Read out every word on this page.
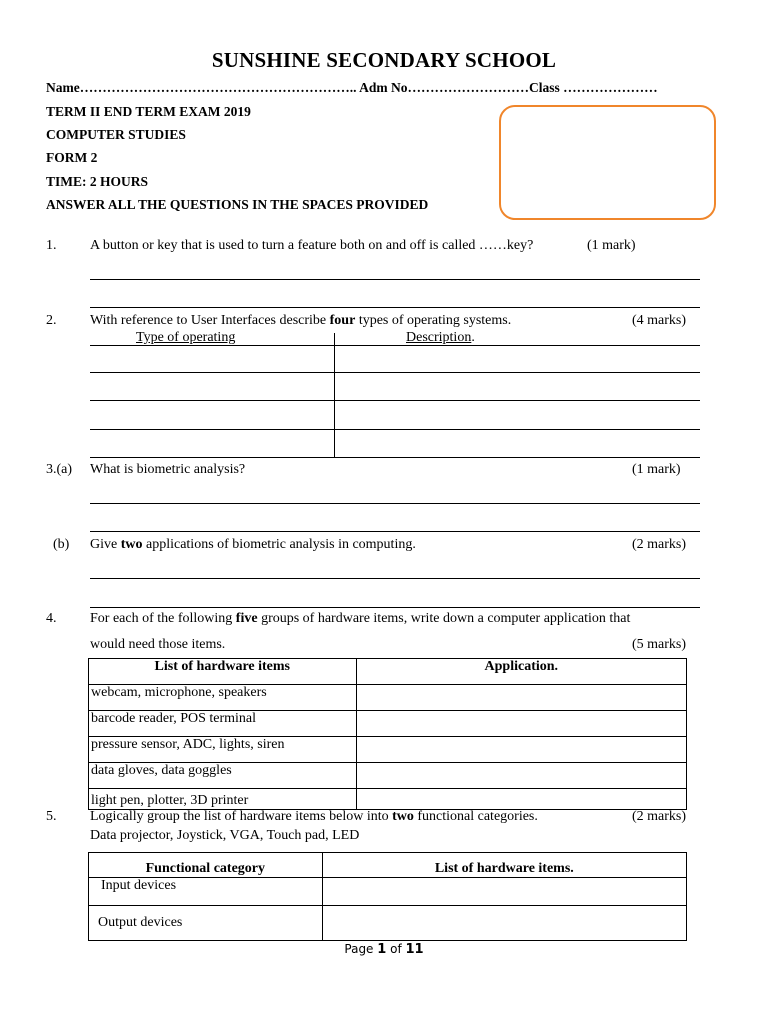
SUNSHINE SECONDARY SCHOOL
Name…………………………………………………….. Adm No………………………Class …………………
TERM II END TERM EXAM 2019
COMPUTER STUDIES
FORM 2
TIME: 2 HOURS
ANSWER ALL THE QUESTIONS IN THE SPACES PROVIDED
1. A button or key that is used to turn a feature both on and off is called ……key?	(1 mark)
2. With reference to User Interfaces describe four types of operating systems.	(4 marks)
Type of operating	Description.
3.(a) What is biometric analysis?	(1 mark)
(b) Give two applications of biometric analysis in computing.	(2 marks)
4. For each of the following five groups of hardware items, write down a computer application that
would need those items.	(5 marks)
List of hardware items	Application.
webcam, microphone, speakers	
barcode reader, POS terminal	
pressure sensor, ADC, lights, siren	
data gloves, data goggles	
light pen, plotter, 3D printer	
5. Logically group the list of hardware items below into two functional categories.	(2 marks)
Data projector, Joystick, VGA, Touch pad, LED
Functional category	List of hardware items.
Input devices	
Output devices	
Page 1 of 11
